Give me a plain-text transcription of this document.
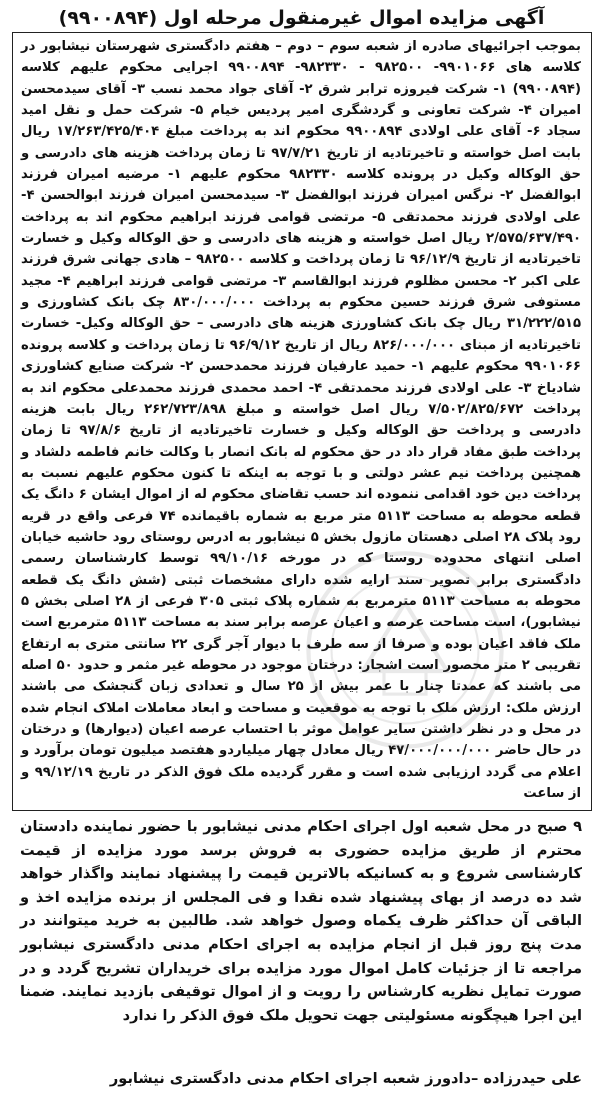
آگهی مزایده اموال غیرمنقول مرحله اول (۹۹۰۰۸۹۴)

بموجب اجرائیهای صادره از شعبه سوم – دوم – هفتم دادگستری شهرستان نیشابور در کلاسه های ۹۹۰۱۰۶۶- ۹۸۲۵۰۰ - ۹۸۲۳۳۰- ۹۹۰۰۸۹۴ اجرایی محکوم علیهم کلاسه (۹۹۰۰۸۹۴) ۱- شرکت فیروزه ترابر شرق ۲- آقای جواد محمد نسب ۳- آقای سیدمحسن امیران ۴- شرکت تعاونی و گردشگری امیر پردیس خیام ۵- شرکت حمل و نقل امید سجاد ۶- آقای علی اولادی ۹۹۰۰۸۹۴ محکوم اند به پرداخت مبلغ ۱۷/۲۶۳/۴۲۵/۴۰۴ ریال بابت اصل خواسته و تاخیرتادیه از تاریخ ۹۷/۷/۲۱ تا زمان پرداخت هزینه های دادرسی و حق الوکاله وکیل در پرونده کلاسه ۹۸۲۳۳۰ محکوم علیهم ۱- مرضیه امیران فرزند ابوالفضل ۲- نرگس امیران فرزند ابوالفضل ۳- سیدمحسن امیران فرزند ابوالحسن ۴- علی اولادی فرزند محمدتقی ۵- مرتضی قوامی فرزند ابراهیم محکوم اند به پرداخت ۲/۵۷۵/۶۳۷/۴۹۰ ریال اصل خواسته و هزینه های دادرسی و حق الوکاله وکیل و خسارت تاخیرتادیه از تاریخ ۹۶/۱۲/۹ تا زمان پرداخت و کلاسه ۹۸۲۵۰۰ – هادی جهانی شرق فرزند علی اکبر ۲- محسن مظلوم فرزند ابوالقاسم ۳- مرتضی قوامی فرزند ابراهیم ۴- مجید مستوفی شرق فرزند حسین محکوم به پرداخت ۸۳۰/۰۰۰/۰۰۰ چک بانک کشاورزی و ۳۱/۲۲۲/۵۱۵ ریال چک بانک کشاورزی هزینه های دادرسی – حق الوکاله وکیل- خسارت تاخیرتادیه از مبنای ۸۲۶/۰۰۰/۰۰۰ ریال از تاریخ ۹۶/۹/۱۲ تا زمان پرداخت و کلاسه پرونده ۹۹۰۱۰۶۶ محکوم علیهم ۱- حمید عارفیان فرزند محمدحسن ۲- شرکت صنایع کشاورزی شادیاخ ۳- علی اولادی فرزند محمدتقی ۴- احمد محمدی فرزند محمدعلی محکوم اند به پرداخت ۷/۵۰۲/۸۲۵/۶۷۲ ریال اصل خواسته و مبلغ ۲۶۲/۷۲۳/۸۹۸ ریال بابت هزینه دادرسی و پرداخت حق الوکاله وکیل و خسارت تاخیرتادیه از تاریخ ۹۷/۸/۶ تا زمان پرداخت طبق مفاد قرار داد در حق محکوم له بانک انصار با وکالت خانم فاطمه دلشاد و همچنین پرداخت نیم عشر دولتی و با توجه به اینکه تا کنون محکوم علیهم نسبت به پرداخت دین خود اقدامی ننموده اند حسب تقاضای محکوم له از اموال ایشان ۶ دانگ یک قطعه محوطه به مساحت ۵۱۱۳ متر مربع به شماره باقیمانده ۷۴ فرعی واقع در قریه رود پلاک ۲۸ اصلی دهستان مازول بخش ۵ نیشابور به ادرس روستای رود حاشیه خیابان اصلی انتهای محدوده روستا که در مورخه ۹۹/۱۰/۱۶ توسط کارشناسان رسمی دادگستری برابر تصویر سند ارایه شده دارای مشخصات ثبتی (شش دانگ یک قطعه محوطه به مساحت ۵۱۱۳ مترمربع به شماره پلاک ثبتی ۳۰۵ فرعی از ۲۸ اصلی بخش ۵ نیشابور)، است مساحت عرصه و اعیان عرصه برابر سند به مساحت ۵۱۱۳ مترمربع است ملک فاقد اعیان بوده و صرفا از سه طرف با دیوار آجر گری ۲۲ سانتی متری به ارتفاع تقریبی ۲ متر محصور است اشجار: درختان موجود در محوطه غیر مثمر و حدود ۵۰ اصله می باشند که عمدتا چنار با عمر بیش از ۲۵ سال و تعدادی زبان گنجشک می باشند ارزش ملک: ارزش ملک با توجه به موقعیت و مساحت و ابعاد معاملات املاک انجام شده در محل و در نظر داشتن سایر عوامل موثر با احتساب عرصه اعیان (دیوارها) و درختان در حال حاضر ۴۷/۰۰۰/۰۰۰/۰۰۰ ریال معادل چهار میلیاردو هفتصد میلیون تومان برآورد و اعلام می گردد ارزیابی شده است و مقرر گردیده ملک فوق الذکر در تاریخ ۹۹/۱۲/۱۹ و از ساعت

۹ صبح در محل شعبه اول اجرای احکام مدنی نیشابور با حضور نماینده دادستان محترم از طریق مزایده حضوری به فروش برسد مورد مزایده از قیمت کارشناسی شروع و به کسانیکه بالاترین قیمت را پیشنهاد نمایند واگذار خواهد شد ده درصد از بهای پیشنهاد شده نقدا و فی المجلس از برنده مزایده اخذ و الباقی آن حداکثر ظرف یکماه وصول خواهد شد. طالبین به خرید میتوانند در مدت پنج روز قبل از انجام مزایده به اجرای احکام مدنی دادگستری نیشابور مراجعه تا از جزئیات کامل اموال مورد مزایده برای خریداران تشریح گردد و در صورت تمایل نظریه کارشناس را رویت و از اموال توقیفی بازدید نمایند. ضمنا این اجرا هیچگونه مسئولیتی جهت تحویل ملک فوق الذکر را ندارد

علی حیدرزاده –دادورز شعبه اجرای احکام مدنی دادگستری نیشابور
